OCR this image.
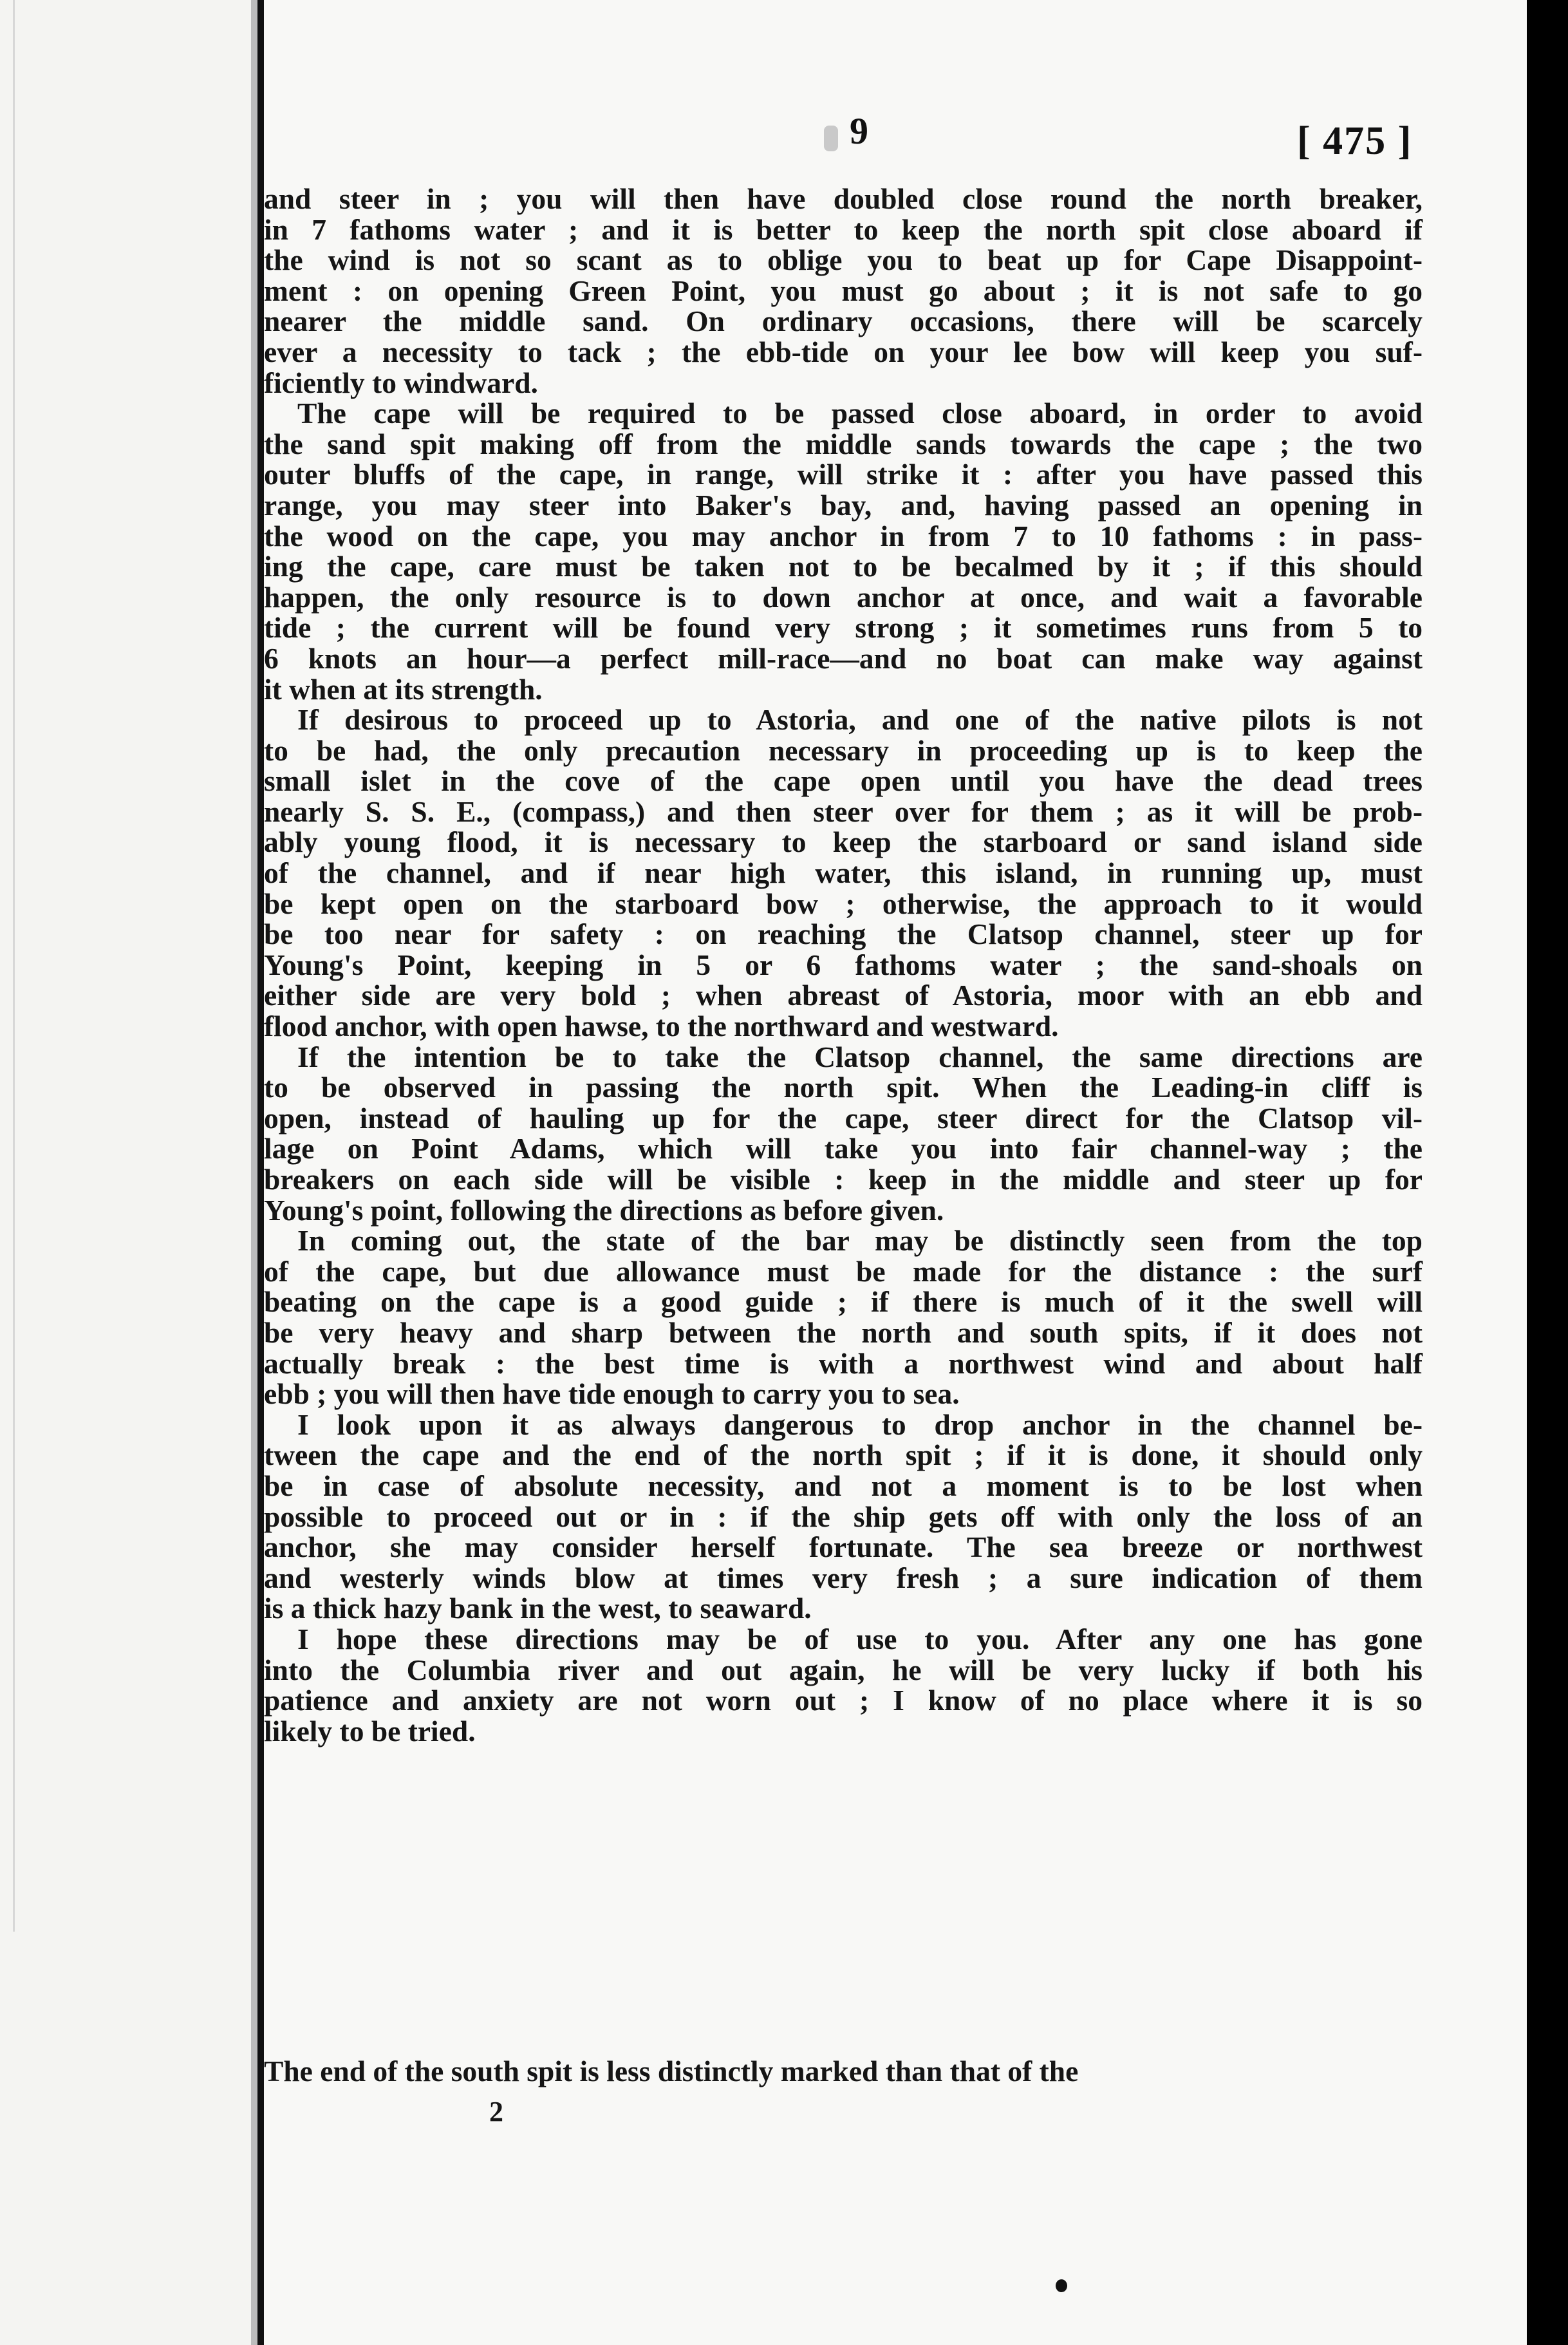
9	[ 475 ]
and steer in ; you will then have doubled close round the north breaker,
in 7 fathoms water ; and it is better to keep the north spit close aboard if
the wind is not so scant as to oblige you to beat up for Cape Disappoint-
ment : on opening Green Point, you must go about ; it is not safe to go
nearer the middle sand. On ordinary occasions, there will be scarcely
ever a necessity to tack ; the ebb-tide on your lee bow will keep you suf-
ficiently to windward.
The cape will be required to be passed close aboard, in order to avoid
the sand spit making off from the middle sands towards the cape ; the two
outer bluffs of the cape, in range, will strike it : after you have passed this
range, you may steer into Baker's bay, and, having passed an opening in
the wood on the cape, you may anchor in from 7 to 10 fathoms : in pass-
ing the cape, care must be taken not to be becalmed by it ; if this should
happen, the only resource is to down anchor at once, and wait a favorable
tide ; the current will be found very strong ; it sometimes runs from 5 to
6 knots an hour—a perfect mill-race—and no boat can make way against
it when at its strength.
If desirous to proceed up to Astoria, and one of the native pilots is not
to be had, the only precaution necessary in proceeding up is to keep the
small islet in the cove of the cape open until you have the dead trees
nearly S. S. E., (compass,) and then steer over for them ; as it will be prob-
ably young flood, it is necessary to keep the starboard or sand island side
of the channel, and if near high water, this island, in running up, must
be kept open on the starboard bow ; otherwise, the approach to it would
be too near for safety : on reaching the Clatsop channel, steer up for
Young's Point, keeping in 5 or 6 fathoms water ; the sand-shoals on
either side are very bold ; when abreast of Astoria, moor with an ebb and
flood anchor, with open hawse, to the northward and westward.
If the intention be to take the Clatsop channel, the same directions are
to be observed in passing the north spit. When the Leading-in cliff is
open, instead of hauling up for the cape, steer direct for the Clatsop vil-
lage on Point Adams, which will take you into fair channel-way ; the
breakers on each side will be visible : keep in the middle and steer up for
Young's point, following the directions as before given.
In coming out, the state of the bar may be distinctly seen from the top
of the cape, but due allowance must be made for the distance : the surf
beating on the cape is a good guide ; if there is much of it the swell will
be very heavy and sharp between the north and south spits, if it does not
actually break : the best time is with a northwest wind and about half
ebb ; you will then have tide enough to carry you to sea.
I look upon it as always dangerous to drop anchor in the channel be-
tween the cape and the end of the north spit ; if it is done, it should only
be in case of absolute necessity, and not a moment is to be lost when
possible to proceed out or in : if the ship gets off with only the loss of an
anchor, she may consider herself fortunate. The sea breeze or northwest
and westerly winds blow at times very fresh ; a sure indication of them
is a thick hazy bank in the west, to seaward.
I hope these directions may be of use to you. After any one has gone
into the Columbia river and out again, he will be very lucky if both his
patience and anxiety are not worn out ; I know of no place where it is so
likely to be tried.
The end of the south spit is less distinctly marked than that of the
2
